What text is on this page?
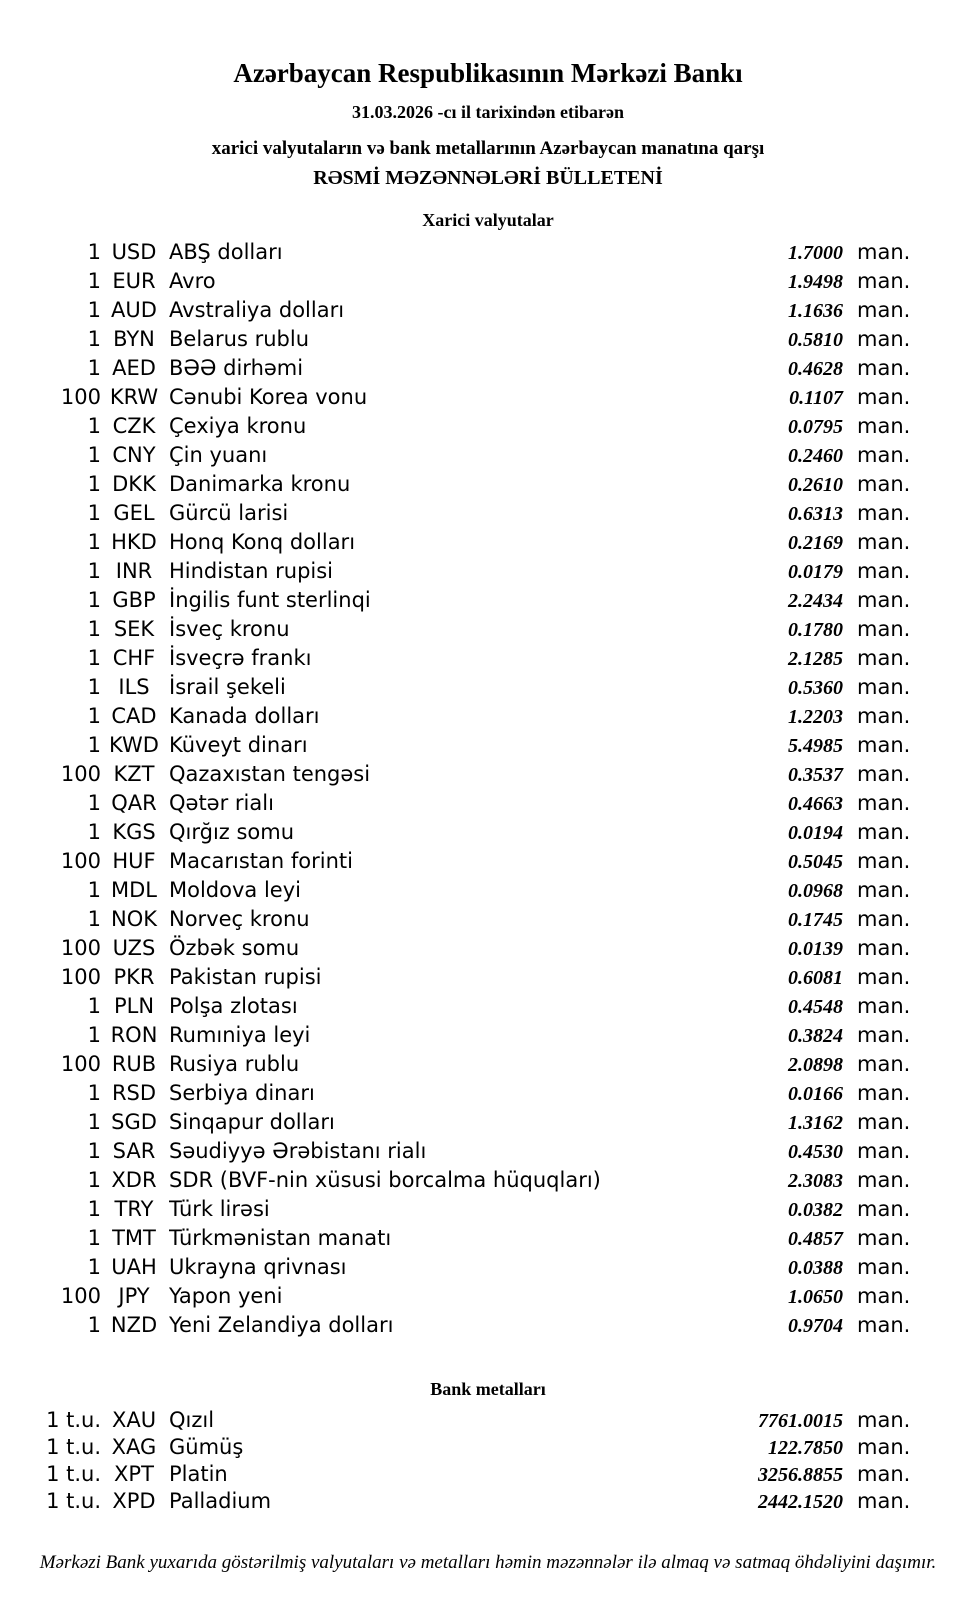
Azərbaycan Respublikasının Mərkəzi Bankı
31.03.2026 -cı il tarixindən etibarən
xarici valyutaların və bank metallarının Azərbaycan manatına qarşı
RƏSMİ MƏZƏNNƏLƏRİ BÜLLETENİ
Xarici valyutalar
1 USD ABŞ dolları	1.7000 man.
1 EUR Avro	1.9498 man.
1 AUD Avstraliya dolları	1.1636 man.
1 BYN Belarus rublu	0.5810 man.
1 AED BƏƏ dirhəmi	0.4628 man.
100 KRW Cənubi Korea vonu	0.1107 man.
1 CZK Çexiya kronu	0.0795 man.
1 CNY Çin yuanı	0.2460 man.
1 DKK Danimarka kronu	0.2610 man.
1 GEL Gürcü larisi	0.6313 man.
1 HKD Honq Konq dolları	0.2169 man.
1 INR Hindistan rupisi	0.0179 man.
1 GBP İngilis funt sterlinqi	2.2434 man.
1 SEK İsveç kronu	0.1780 man.
1 CHF İsveçrə frankı	2.1285 man.
1 ILS İsrail şekeli	0.5360 man.
1 CAD Kanada dolları	1.2203 man.
1 KWD Küveyt dinarı	5.4985 man.
100 KZT Qazaxıstan tengəsi	0.3537 man.
1 QAR Qətər rialı	0.4663 man.
1 KGS Qırğız somu	0.0194 man.
100 HUF Macarıstan forinti	0.5045 man.
1 MDL Moldova leyi	0.0968 man.
1 NOK Norveç kronu	0.1745 man.
100 UZS Özbək somu	0.0139 man.
100 PKR Pakistan rupisi	0.6081 man.
1 PLN Polşa zlotası	0.4548 man.
1 RON Rumıniya leyi	0.3824 man.
100 RUB Rusiya rublu	2.0898 man.
1 RSD Serbiya dinarı	0.0166 man.
1 SGD Sinqapur dolları	1.3162 man.
1 SAR Səudiyyə Ərəbistanı rialı	0.4530 man.
1 XDR SDR (BVF-nin xüsusi borcalma hüquqları)	2.3083 man.
1 TRY Türk lirəsi	0.0382 man.
1 TMT Türkmənistan manatı	0.4857 man.
1 UAH Ukrayna qrivnası	0.0388 man.
100 JPY Yapon yeni	1.0650 man.
1 NZD Yeni Zelandiya dolları	0.9704 man.
Bank metalları
1 t.u. XAU Qızıl	7761.0015 man.
1 t.u. XAG Gümüş	122.7850 man.
1 t.u. XPT Platin	3256.8855 man.
1 t.u. XPD Palladium	2442.1520 man.
Mərkəzi Bank yuxarıda göstərilmiş valyutaları və metalları həmin məzənnələr ilə almaq və satmaq öhdəliyini daşımır.
